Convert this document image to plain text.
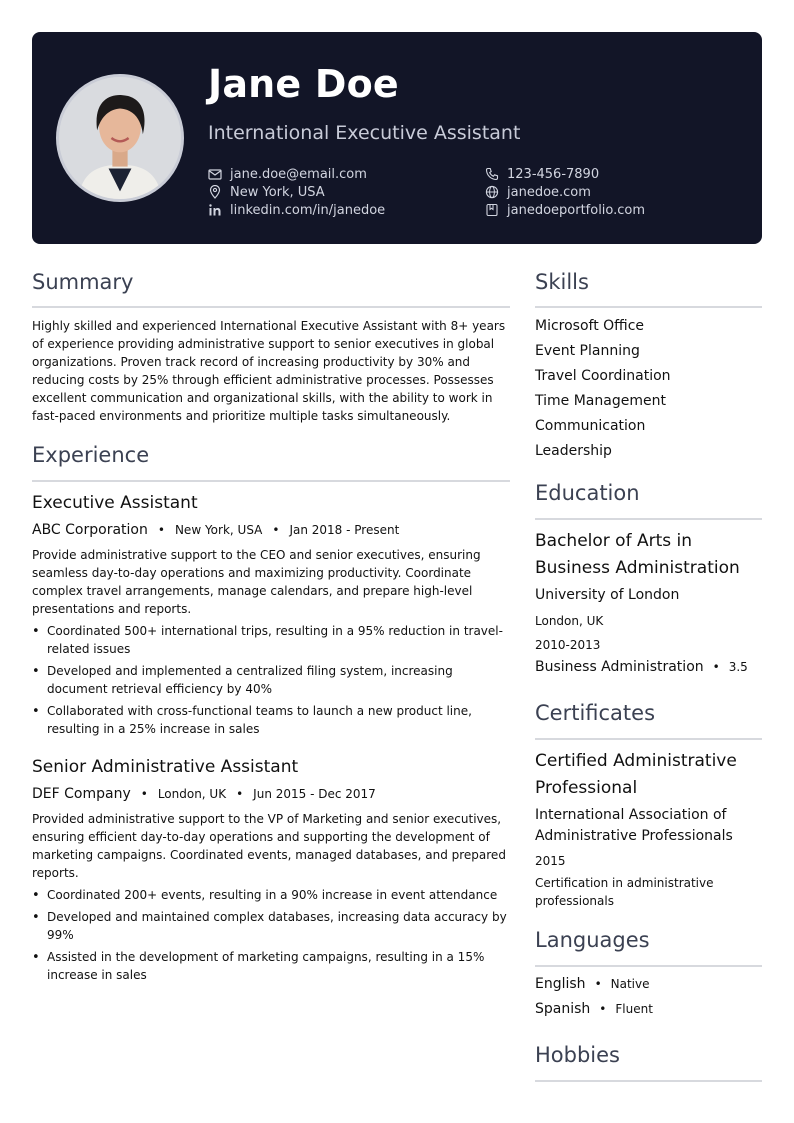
Jane Doe
International Executive Assistant
jane.doe@email.com
New York, USA
linkedin.com/in/janedoe
123-456-7890
janedoe.com
janedoeportfolio.com
Summary
Highly skilled and experienced International Executive Assistant with 8+ years of experience providing administrative support to senior executives in global organizations. Proven track record of increasing productivity by 30% and reducing costs by 25% through efficient administrative processes. Possesses excellent communication and organizational skills, with the ability to work in fast-paced environments and prioritize multiple tasks simultaneously.
Experience
Executive Assistant
ABC Corporation • New York, USA • Jan 2018 - Present
Provide administrative support to the CEO and senior executives, ensuring seamless day-to-day operations and maximizing productivity. Coordinate complex travel arrangements, manage calendars, and prepare high-level presentations and reports.
• Coordinated 500+ international trips, resulting in a 95% reduction in travel-related issues
• Developed and implemented a centralized filing system, increasing document retrieval efficiency by 40%
• Collaborated with cross-functional teams to launch a new product line, resulting in a 25% increase in sales
Senior Administrative Assistant
DEF Company • London, UK • Jun 2015 - Dec 2017
Provided administrative support to the VP of Marketing and senior executives, ensuring efficient day-to-day operations and supporting the development of marketing campaigns. Coordinated events, managed databases, and prepared reports.
• Coordinated 200+ events, resulting in a 90% increase in event attendance
• Developed and maintained complex databases, increasing data accuracy by 99%
• Assisted in the development of marketing campaigns, resulting in a 15% increase in sales
Skills
Microsoft Office
Event Planning
Travel Coordination
Time Management
Communication
Leadership
Education
Bachelor of Arts in Business Administration
University of London
London, UK
2010-2013
Business Administration • 3.5
Certificates
Certified Administrative Professional
International Association of Administrative Professionals
2015
Certification in administrative professionals
Languages
English • Native
Spanish • Fluent
Hobbies
